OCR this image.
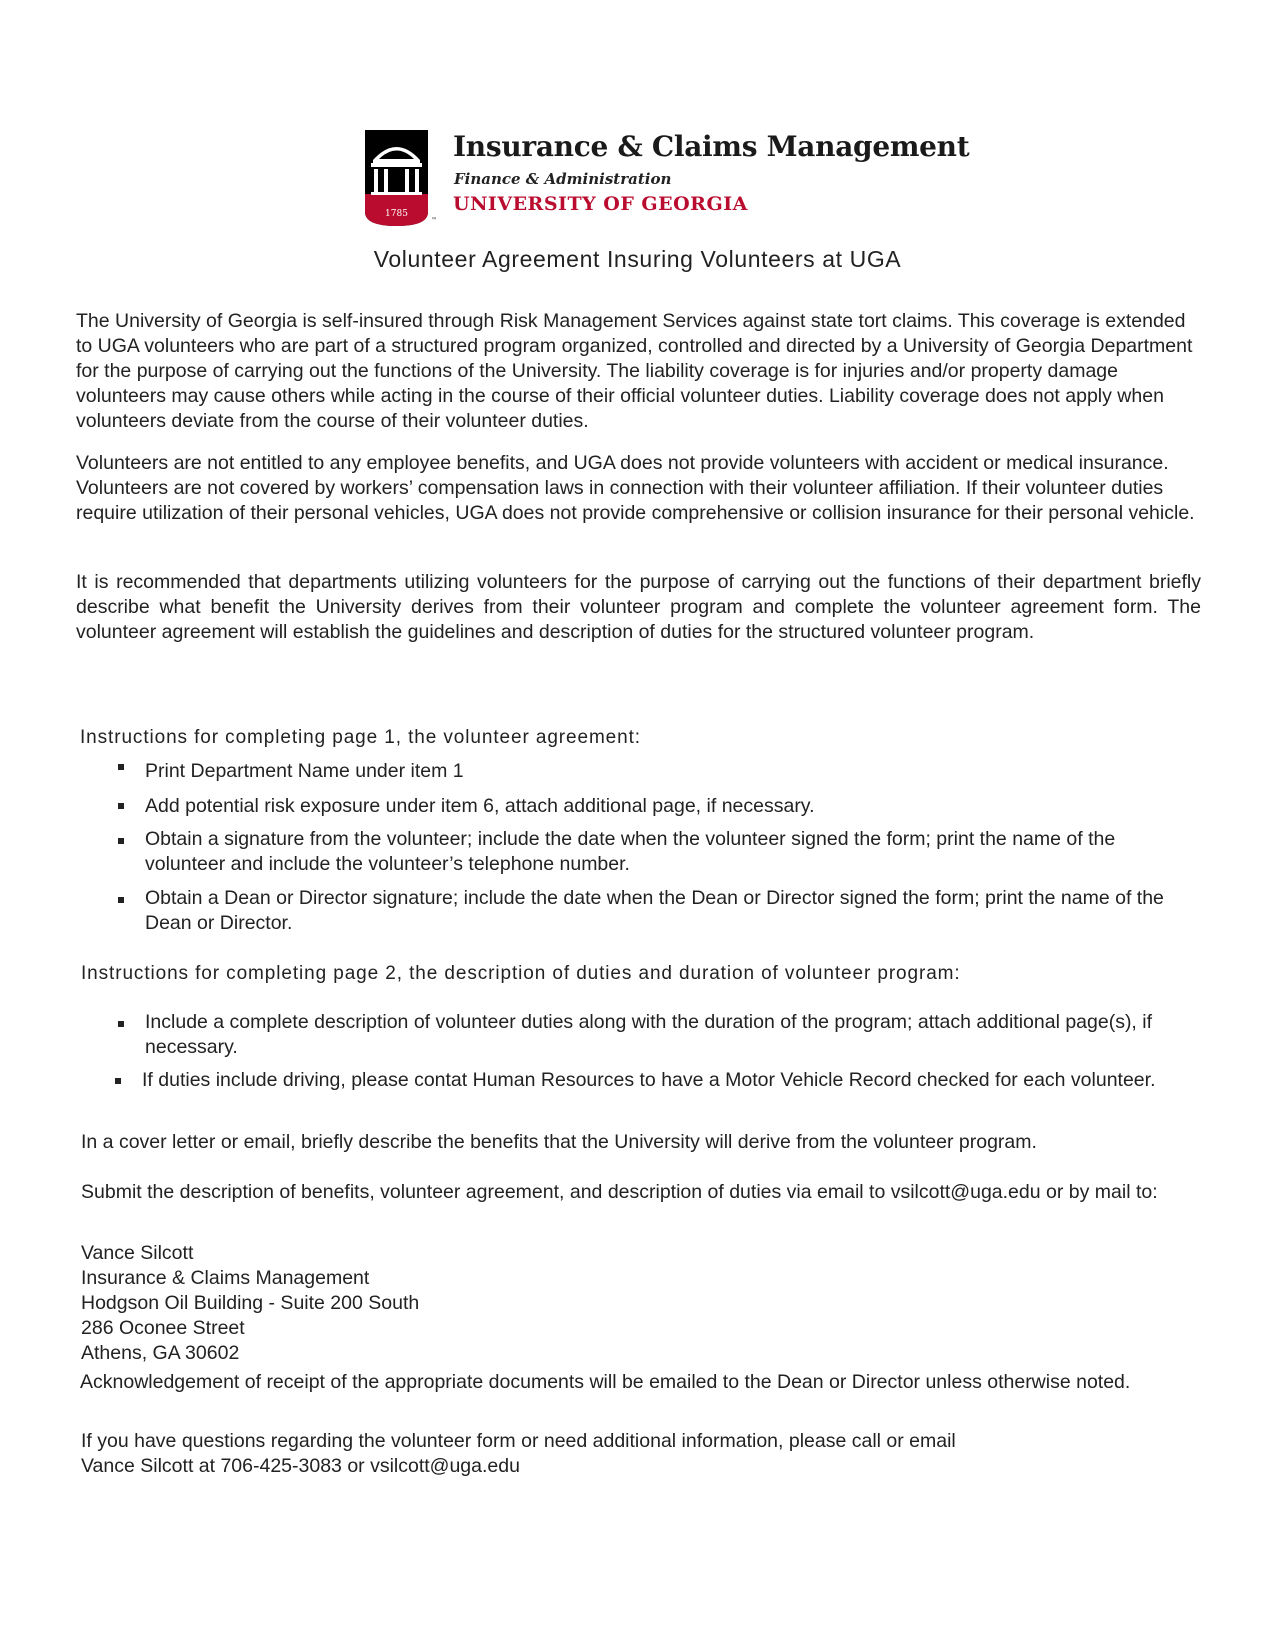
1785
™
Insurance & Claims Management
Finance & Administration
UNIVERSITY OF GEORGIA
Volunteer Agreement Insuring Volunteers at UGA

The University of Georgia is self-insured through Risk Management Services against state tort claims. This coverage is extended to UGA volunteers who are part of a structured program organized, controlled and directed by a University of Georgia Department for the purpose of carrying out the functions of the University. The liability coverage is for injuries and/or property damage volunteers may cause others while acting in the course of their official volunteer duties. Liability coverage does not apply when volunteers deviate from the course of their volunteer duties.

Volunteers are not entitled to any employee benefits, and UGA does not provide volunteers with accident or medical insurance. Volunteers are not covered by workers’ compensation laws in connection with their volunteer affiliation. If their volunteer duties require utilization of their personal vehicles, UGA does not provide comprehensive or collision insurance for their personal vehicle.

It is recommended that departments utilizing volunteers for the purpose of carrying out the functions of their department briefly describe what benefit the University derives from their volunteer program and complete the volunteer agreement form. The volunteer agreement will establish the guidelines and description of duties for the structured volunteer program.

Instructions for completing page 1, the volunteer agreement:
Print Department Name under item 1
Add potential risk exposure under item 6, attach additional page, if necessary.
Obtain a signature from the volunteer; include the date when the volunteer signed the form; print the name of the volunteer and include the volunteer’s telephone number.
Obtain a Dean or Director signature; include the date when the Dean or Director signed the form; print the name of the Dean or Director.
Instructions for completing page 2, the description of duties and duration of volunteer program:
Include a complete description of volunteer duties along with the duration of the program; attach additional page(s), if necessary.
If duties include driving, please contat Human Resources to have a Motor Vehicle Record checked for each volunteer.

In a cover letter or email, briefly describe the benefits that the University will derive from the volunteer program.

Submit the description of benefits, volunteer agreement, and description of duties via email to vsilcott@uga.edu or by mail to:

Vance Silcott
Insurance & Claims Management
Hodgson Oil Building - Suite 200 South
286 Oconee Street
Athens, GA 30602

Acknowledgement of receipt of the appropriate documents will be emailed to the Dean or Director unless otherwise noted.

If you have questions regarding the volunteer form or need additional information, please call or email
Vance Silcott at 706-425-3083 or vsilcott@uga.edu
